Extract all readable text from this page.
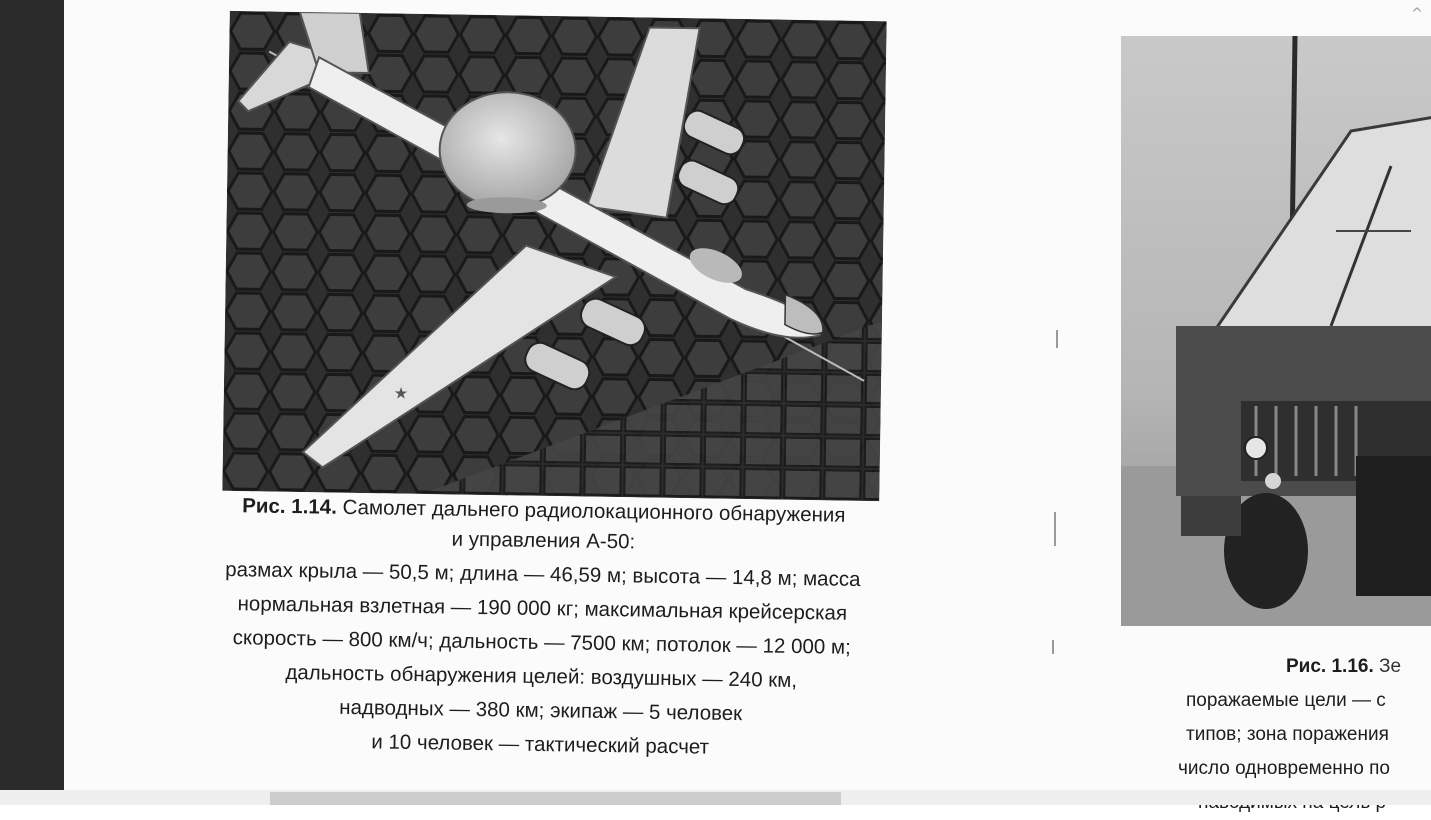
^
★
Рис. 1.14. Самолет дальнего радиолокационного обнаружения
и управления А-50:
размах крыла — 50,5 м; длина — 46,59 м; высота — 14,8 м; масса
нормальная взлетная — 190 000 кг; максимальная крейсерская
скорость — 800 км/ч; дальность — 7500 км; потолок — 12 000 м;
дальность обнаружения целей: воздушных — 240 км,
надводных — 380 км; экипаж — 5 человек
и 10 человек — тактический расчет
Рис. 1.16. Зе
поражаемые цели — с
типов; зона поражения
число одновременно по
